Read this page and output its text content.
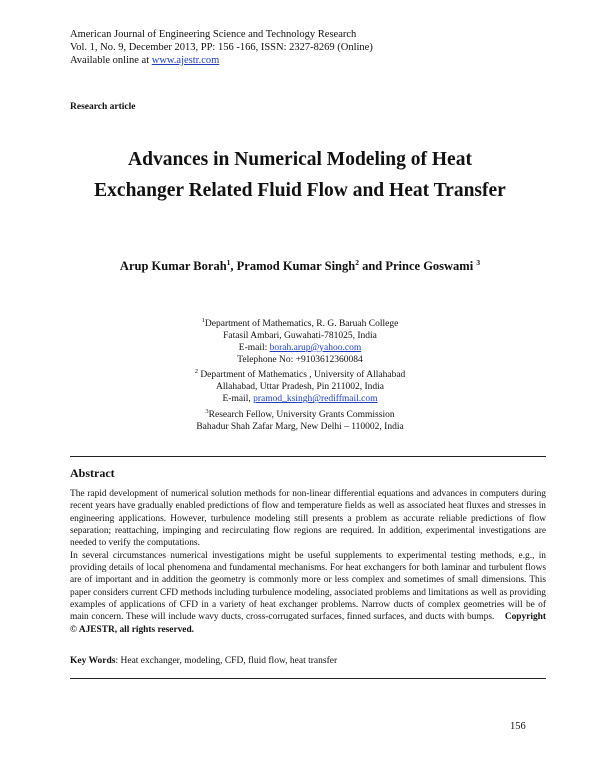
American Journal of Engineering Science and Technology Research
Vol. 1, No. 9, December 2013, PP: 156 -166, ISSN: 2327-8269 (Online)
Available online at www.ajestr.com
Research article
Advances in Numerical Modeling of Heat
Exchanger Related Fluid Flow and Heat Transfer
Arup Kumar Borah$^1$, Pramod Kumar Singh$^2$ and Prince Goswami $^3$
$^1$Department of Mathematics, R. G. Baruah College
Fatasil Ambari, Guwahati-781025, India
E-mail: borah.arup@yahoo.com
Telephone No: +9103612360084
$^2$ Department of Mathematics , University of Allahabad
Allahabad, Uttar Pradesh, Pin 211002, India
E-mail, pramod_ksingh@rediffmail.com
$^3$Research Fellow, University Grants Commission
Bahadur Shah Zafar Marg, New Delhi – 110002, India
Abstract

The rapid development of numerical solution methods for non-linear differential equations and advances in computers during recent years have gradually enabled predictions of flow and temperature fields as well as associated heat fluxes and stresses in engineering applications. However, turbulence modeling still presents a problem as accurate reliable predictions of flow separation; reattaching, impinging and recirculating flow regions are required. In addition, experimental investigations are needed to verify the computations.

In several circumstances numerical investigations might be useful supplements to experimental testing methods, e.g., in providing details of local phenomena and fundamental mechanisms. For heat exchangers for both laminar and turbulent flows are of important and in addition the geometry is commonly more or less complex and sometimes of small dimensions. This paper considers current CFD methods including turbulence modeling, associated problems and limitations as well as providing examples of applications of CFD in a variety of heat exchanger problems. Narrow ducts of complex geometries will be of main concern. These will include wavy ducts, cross-corrugated surfaces, finned surfaces, and ducts with bumps. Copyright © AJESTR, all rights reserved.

Key Words: Heat exchanger, modeling, CFD, fluid flow, heat transfer
156
